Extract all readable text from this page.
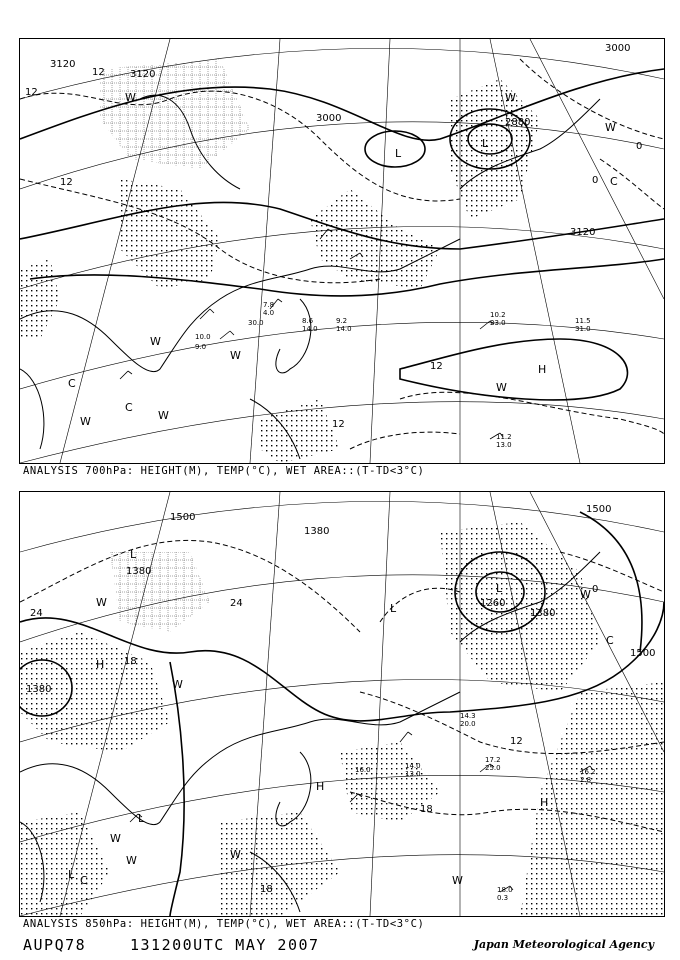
10.2
23.0	11.5
31.0
11.2
13.0
9.2
14.0
7.8
4.0
8.6
14.0
30.0
10.0
9.0
3120
3120
3000
3000	2880
3120
12
12
12
12
12
0
0
L
L
H
W	W
W
W
W
W
C
C
C
W
W
ANALYSIS 700hPa: HEIGHT(M), TEMP(°C), WET AREA::(T-TD<3°C)
17.2
25.0	16.2
2.8
18.0
0.3
14.0
13.0
16.0
14.3
20.0
1500
1380
1380
1380
1260
1380
1500
1500
24
24
18
12
18
18
0
L
L
L
H
H
L
L
W
W
W	W
W
W
C
C
W
H
ANALYSIS 850hPa: HEIGHT(M), TEMP(°C), WET AREA::(T-TD<3°C)
AUPQ78	131200UTC MAY 2007	Japan Meteorological Agency
